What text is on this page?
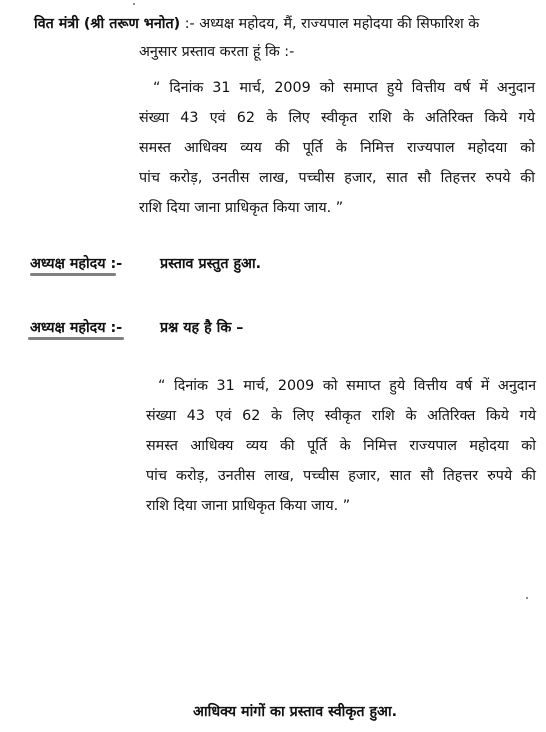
वित मंत्री (श्री तरूण भनोत) :- अध्यक्ष महोदय, मैं, राज्यपाल महोदया की सिफारिश के
अनुसार प्रस्ताव करता हूं कि :-
“ दिनांक 31 मार्च, 2009 को समाप्त हुये वित्तीय वर्ष में अनुदान
संख्या 43 एवं 62 के लिए स्वीकृत राशि के अतिरिक्त किये गये
समस्त आधिक्य व्यय की पूर्ति के निमित्त राज्यपाल महोदया को
पांच करोड़, उनतीस लाख, पच्चीस हजार, सात सौ तिहत्तर रुपये की
राशि दिया जाना प्राधिकृत किया जाय. ”
अध्यक्ष महोदय :-	प्रस्ताव प्रस्तुत हुआ.
अध्यक्ष महोदय :-	प्रश्न यह है कि –
“ दिनांक 31 मार्च, 2009 को समाप्त हुये वित्तीय वर्ष में अनुदान
संख्या 43 एवं 62 के लिए स्वीकृत राशि के अतिरिक्त किये गये
समस्त आधिक्य व्यय की पूर्ति के निमित्त राज्यपाल महोदया को
पांच करोड़, उनतीस लाख, पच्चीस हजार, सात सौ तिहत्तर रुपये की
राशि दिया जाना प्राधिकृत किया जाय. ”
आधिक्य मांगों का प्रस्ताव स्वीकृत हुआ.
